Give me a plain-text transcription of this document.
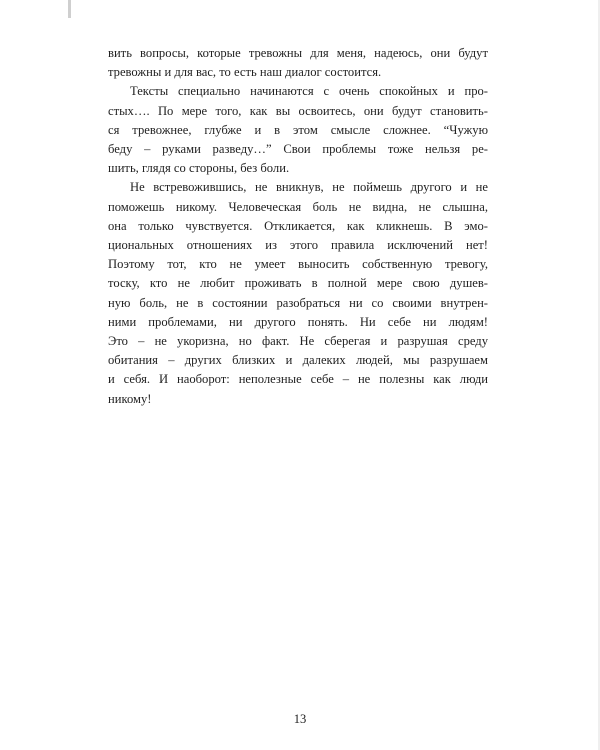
вить вопросы, которые тревожны для меня, надеюсь, они будут
тревожны и для вас, то есть наш диалог состоится.

Тексты специально начинаются с очень спокойных и про-
стых…. По мере того, как вы освоитесь, они будут становить-
ся тревожнее, глубже и в этом смысле сложнее. “Чужую
беду – руками разведу…” Свои проблемы тоже нельзя ре-
шить, глядя со стороны, без боли.

Не встревожившись, не вникнув, не поймешь другого и не
поможешь никому. Человеческая боль не видна, не слышна,
она только чувствуется. Откликается, как кликнешь. В эмо-
циональных отношениях из этого правила исключений нет!
Поэтому тот, кто не умеет выносить собственную тревогу,
тоску, кто не любит проживать в полной мере свою душев-
ную боль, не в состоянии разобраться ни со своими внутрен-
ними проблемами, ни другого понять. Ни себе ни людям!
Это – не укоризна, но факт. Не сберегая и разрушая среду
обитания – других близких и далеких людей, мы разрушаем
и себя. И наоборот: неполезные себе – не полезны как люди
никому!

13
